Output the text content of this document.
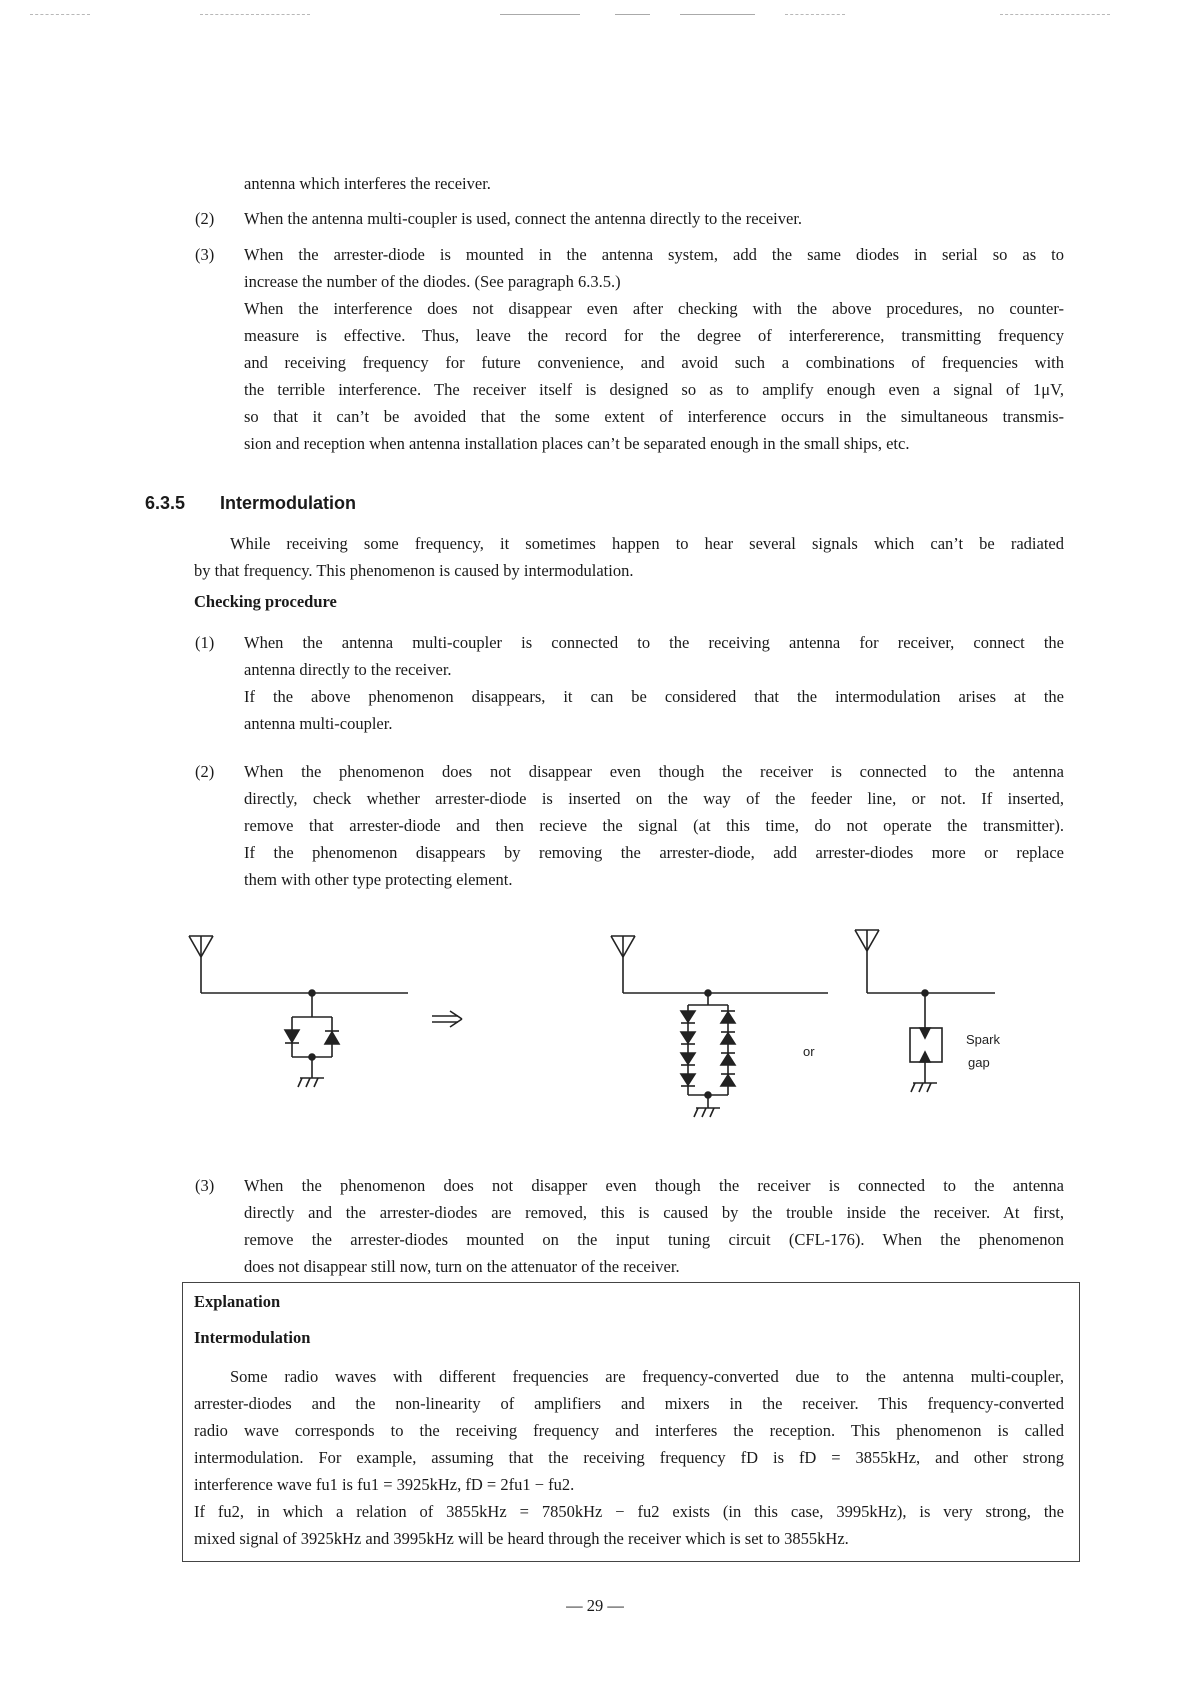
antenna which interferes the receiver.
(2) When the antenna multi-coupler is used, connect the antenna directly to the receiver.
(3) When the arrester-diode is mounted in the antenna system, add the same diodes in serial so as to
increase the number of the diodes. (See paragraph 6.3.5.)
When the interference does not disappear even after checking with the above procedures, no counter-
measure is effective. Thus, leave the record for the degree of interfererence, transmitting frequency
and receiving frequency for future convenience, and avoid such a combinations of frequencies with
the terrible interference. The receiver itself is designed so as to amplify enough even a signal of 1μV,
so that it can’t be avoided that the some extent of interference occurs in the simultaneous transmis-
sion and reception when antenna installation places can’t be separated enough in the small ships, etc.
6.3.5 Intermodulation
While receiving some frequency, it sometimes happen to hear several signals which can’t be radiated
by that frequency. This phenomenon is caused by intermodulation.
Checking procedure
(1) When the antenna multi-coupler is connected to the receiving antenna for receiver, connect the
antenna directly to the receiver.
If the above phenomenon disappears, it can be considered that the intermodulation arises at the
antenna multi-coupler.
(2) When the phenomenon does not disappear even though the receiver is connected to the antenna
directly, check whether arrester-diode is inserted on the way of the feeder line, or not. If inserted,
remove that arrester-diode and then recieve the signal (at this time, do not operate the transmitter).
If the phenomenon disappears by removing the arrester-diode, add arrester-diodes more or replace
them with other type protecting element.
or
Spark
gap
(3) When the phenomenon does not disapper even though the receiver is connected to the antenna
directly and the arrester-diodes are removed, this is caused by the trouble inside the receiver. At first,
remove the arrester-diodes mounted on the input tuning circuit (CFL-176). When the phenomenon
does not disappear still now, turn on the attenuator of the receiver.
Explanation
Intermodulation
Some radio waves with different frequencies are frequency-converted due to the antenna multi-coupler,
arrester-diodes and the non-linearity of amplifiers and mixers in the receiver. This frequency-converted
radio wave corresponds to the receiving frequency and interferes the reception. This phenomenon is called
intermodulation. For example, assuming that the receiving frequency fD is fD = 3855kHz, and other strong
interference wave fu1 is fu1 = 3925kHz, fD = 2fu1 − fu2.
If fu2, in which a relation of 3855kHz = 7850kHz − fu2 exists (in this case, 3995kHz), is very strong, the
mixed signal of 3925kHz and 3995kHz will be heard through the receiver which is set to 3855kHz.
— 29 —
